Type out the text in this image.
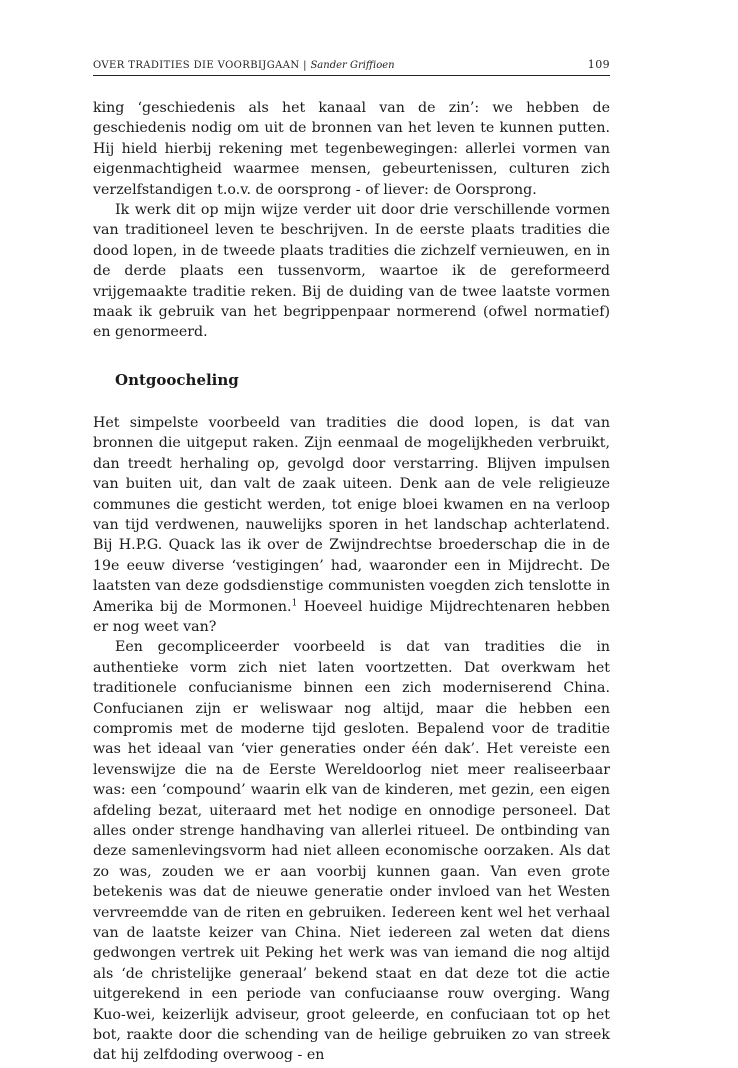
OVER TRADITIES DIE VOORBIJGAAN | Sander Griffioen	109

king ‘geschiedenis als het kanaal van de zin’: we hebben de geschiedenis nodig om uit de bronnen van het leven te kunnen putten. Hij hield hierbij rekening met tegenbewegingen: allerlei vormen van eigenmachtigheid waarmee mensen, gebeurtenissen, culturen zich verzelfstandigen t.o.v. de oorsprong - of liever: de Oorsprong.

Ik werk dit op mijn wijze verder uit door drie verschillende vormen van traditioneel leven te beschrijven. In de eerste plaats tradities die dood lopen, in de tweede plaats tradities die zichzelf vernieuwen, en in de derde plaats een tussenvorm, waartoe ik de gereformeerd vrijgemaakte traditie reken. Bij de duiding van de twee laatste vormen maak ik gebruik van het begrippenpaar normerend (ofwel normatief) en genormeerd.

Ontgoocheling

Het simpelste voorbeeld van tradities die dood lopen, is dat van bronnen die uitgeput raken. Zijn eenmaal de mogelijkheden verbruikt, dan treedt herhaling op, gevolgd door verstarring. Blijven impulsen van buiten uit, dan valt de zaak uiteen. Denk aan de vele religieuze communes die gesticht werden, tot enige bloei kwamen en na verloop van tijd verdwenen, nauwelijks sporen in het landschap achterlatend. Bij H.P.G. Quack las ik over de Zwijndrechtse broederschap die in de 19e eeuw diverse ‘vestigingen’ had, waaronder een in Mijdrecht. De laatsten van deze godsdienstige communisten voegden zich tenslotte in Amerika bij de Mormonen.$^1$ Hoeveel huidige Mijdrechtenaren hebben er nog weet van?

Een gecompliceerder voorbeeld is dat van tradities die in authentieke vorm zich niet laten voortzetten. Dat overkwam het traditionele confucianisme binnen een zich moderniserend China. Confucianen zijn er weliswaar nog altijd, maar die hebben een compromis met de moderne tijd gesloten. Bepalend voor de traditie was het ideaal van ‘vier generaties onder één dak’. Het vereiste een levenswijze die na de Eerste Wereldoorlog niet meer realiseerbaar was: een ‘compound’ waarin elk van de kinderen, met gezin, een eigen afdeling bezat, uiteraard met het nodige en onnodige personeel. Dat alles onder strenge handhaving van allerlei ritueel. De ontbinding van deze samenlevingsvorm had niet alleen economische oorzaken. Als dat zo was, zouden we er aan voorbij kunnen gaan. Van even grote betekenis was dat de nieuwe generatie onder invloed van het Westen vervreemdde van de riten en gebruiken. Iedereen kent wel het verhaal van de laatste keizer van China. Niet iedereen zal weten dat diens gedwongen vertrek uit Peking het werk was van iemand die nog altijd als ‘de christelijke generaal’ bekend staat en dat deze tot die actie uitgerekend in een periode van confuciaanse rouw overging. Wang Kuo-wei, keizerlijk adviseur, groot geleerde, en confuciaan tot op het bot, raakte door die schending van de heilige gebruiken zo van streek dat hij zelfdoding overwoog - en
